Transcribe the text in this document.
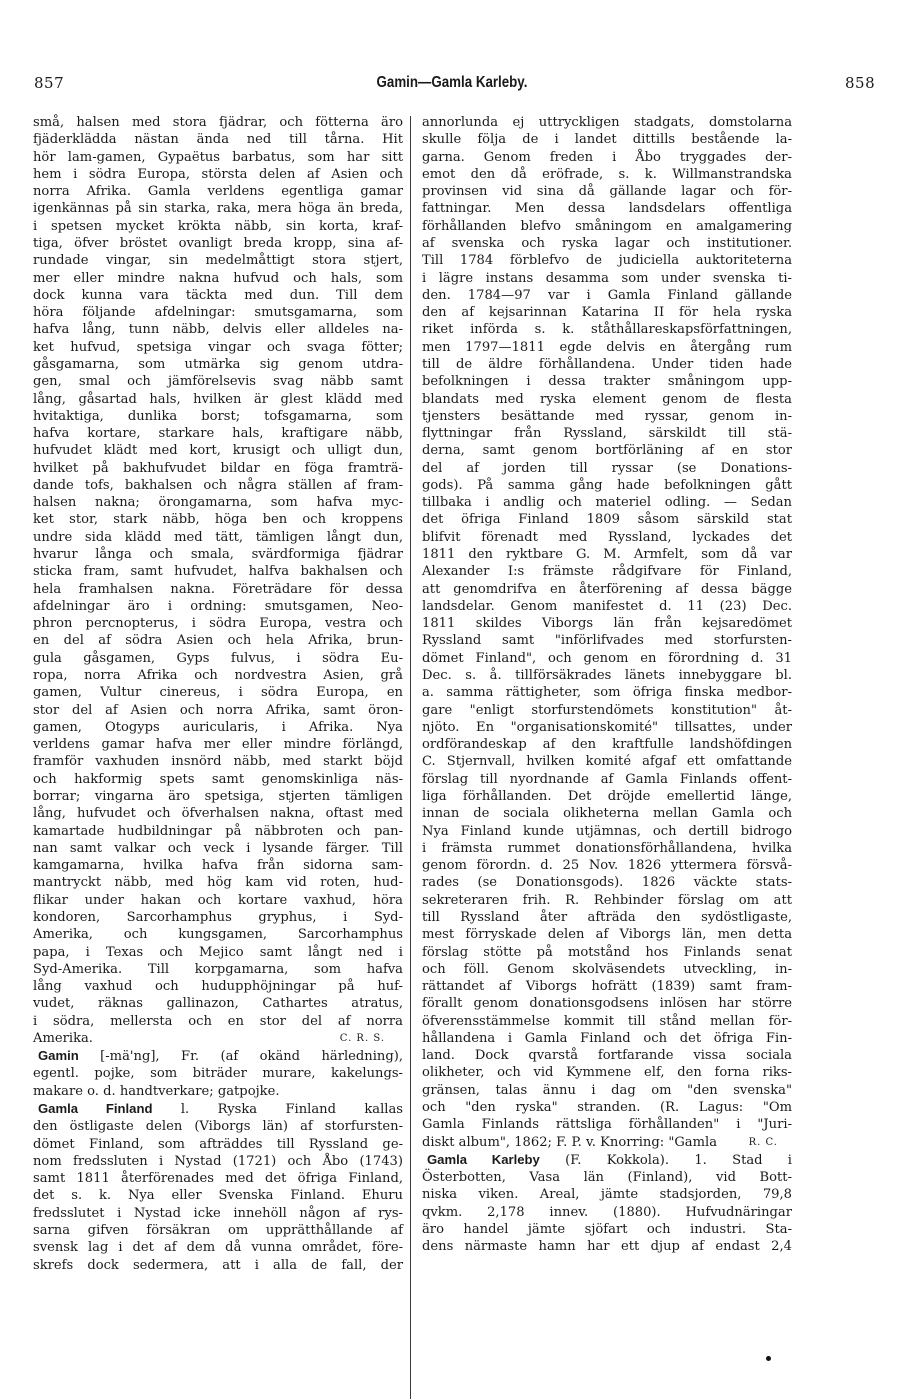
857	Gamin—Gamla Karleby.	858
små, halsen med stora fjädrar, och fötterna äro
fjäderklädda nästan ända ned till tårna. Hit
hör lam-gamen, Gypaëtus barbatus, som har sitt
hem i södra Europa, största delen af Asien och
norra Afrika. Gamla verldens egentliga gamar
igenkännas på sin starka, raka, mera höga än breda,
i spetsen mycket krökta näbb, sin korta, kraf-
tiga, öfver bröstet ovanligt breda kropp, sina af-
rundade vingar, sin medelmåttigt stora stjert,
mer eller mindre nakna hufvud och hals, som
dock kunna vara täckta med dun. Till dem
höra följande afdelningar: smutsgamarna, som
hafva lång, tunn näbb, delvis eller alldeles na-
ket hufvud, spetsiga vingar och svaga fötter;
gåsgamarna, som utmärka sig genom utdra-
gen, smal och jämförelsevis svag näbb samt
lång, gåsartad hals, hvilken är glest klädd med
hvitaktiga, dunlika borst; tofsgamarna, som
hafva kortare, starkare hals, kraftigare näbb,
hufvudet klädt med kort, krusigt och ulligt dun,
hvilket på bakhufvudet bildar en föga framträ-
dande tofs, bakhalsen och några ställen af fram-
halsen nakna; örongamarna, som hafva myc-
ket stor, stark näbb, höga ben och kroppens
undre sida klädd med tätt, tämligen långt dun,
hvarur långa och smala, svärdformiga fjädrar
sticka fram, samt hufvudet, halfva bakhalsen och
hela framhalsen nakna. Företrädare för dessa
afdelningar äro i ordning: smutsgamen, Neo-
phron percnopterus, i södra Europa, vestra och
en del af södra Asien och hela Afrika, brun-
gula gåsgamen, Gyps fulvus, i södra Eu-
ropa, norra Afrika och nordvestra Asien, grå
gamen, Vultur cinereus, i södra Europa, en
stor del af Asien och norra Afrika, samt öron-
gamen, Otogyps auricularis, i Afrika. Nya
verldens gamar hafva mer eller mindre förlängd,
framför vaxhuden insnörd näbb, med starkt böjd
och hakformig spets samt genomskinliga näs-
borrar; vingarna äro spetsiga, stjerten tämligen
lång, hufvudet och öfverhalsen nakna, oftast med
kamartade hudbildningar på näbbroten och pan-
nan samt valkar och veck i lysande färger. Till
kamgamarna, hvilka hafva från sidorna sam-
mantryckt näbb, med hög kam vid roten, hud-
flikar under hakan och kortare vaxhud, höra
kondoren, Sarcorhamphus gryphus, i Syd-
Amerika, och kungsgamen, Sarcorhamphus
papa, i Texas och Mejico samt långt ned i
Syd-Amerika. Till korpgamarna, som hafva
lång vaxhud och hudupphöjningar på huf-
vudet, räknas gallinazon, Cathartes atratus,
i södra, mellersta och en stor del af norra
Amerika.	C. R. S.
Gamin [-mä'ng], Fr. (af okänd härledning),
egentl. pojke, som biträder murare, kakelungs-
makare o. d. handtverkare; gatpojke.
Gamla Finland l. Ryska Finland kallas
den östligaste delen (Viborgs län) af storfursten-
dömet Finland, som afträddes till Ryssland ge-
nom fredssluten i Nystad (1721) och Åbo (1743)
samt 1811 återförenades med det öfriga Finland,
det s. k. Nya eller Svenska Finland. Ehuru
fredsslutet i Nystad icke innehöll någon af rys-
sarna gifven försäkran om upprätthållande af
svensk lag i det af dem då vunna området, före-
skrefs dock sedermera, att i alla de fall, der
annorlunda ej uttryckligen stadgats, domstolarna
skulle följa de i landet dittills bestående la-
garna. Genom freden i Åbo tryggades der-
emot den då eröfrade, s. k. Willmanstrandska
provinsen vid sina då gällande lagar och för-
fattningar. Men dessa landsdelars offentliga
förhållanden blefvo småningom en amalgamering
af svenska och ryska lagar och institutioner.
Till 1784 förblefvo de judiciella auktoriteterna
i lägre instans desamma som under svenska ti-
den. 1784—97 var i Gamla Finland gällande
den af kejsarinnan Katarina II för hela ryska
riket införda s. k. ståthållareskapsförfattningen,
men 1797—1811 egde delvis en återgång rum
till de äldre förhållandena. Under tiden hade
befolkningen i dessa trakter småningom upp-
blandats med ryska element genom de flesta
tjensters besättande med ryssar, genom in-
flyttningar från Ryssland, särskildt till stä-
derna, samt genom bortförläning af en stor
del af jorden till ryssar (se Donations-
gods). På samma gång hade befolkningen gått
tillbaka i andlig och materiel odling. — Sedan
det öfriga Finland 1809 såsom särskild stat
blifvit förenadt med Ryssland, lyckades det
1811 den ryktbare G. M. Armfelt, som då var
Alexander I:s främste rådgifvare för Finland,
att genomdrifva en återförening af dessa bägge
landsdelar. Genom manifestet d. 11 (23) Dec.
1811 skildes Viborgs län från kejsaredömet
Ryssland samt "införlifvades med storfursten-
dömet Finland", och genom en förordning d. 31
Dec. s. å. tillförsäkrades länets innebyggare bl.
a. samma rättigheter, som öfriga finska medbor-
gare "enligt storfurstendömets konstitution" åt-
njöto. En "organisationskomité" tillsattes, under
ordförandeskap af den kraftfulle landshöfdingen
C. Stjernvall, hvilken komité afgaf ett omfattande
förslag till nyordnande af Gamla Finlands offent-
liga förhållanden. Det dröjde emellertid länge,
innan de sociala olikheterna mellan Gamla och
Nya Finland kunde utjämnas, och dertill bidrogo
i främsta rummet donationsförhållandena, hvilka
genom förordn. d. 25 Nov. 1826 yttermera försvå-
rades (se Donationsgods). 1826 väckte stats-
sekreteraren frih. R. Rehbinder förslag om att
till Ryssland åter afträda den sydöstligaste,
mest förryskade delen af Viborgs län, men detta
förslag stötte på motstånd hos Finlands senat
och föll. Genom skolväsendets utveckling, in-
rättandet af Viborgs hofrätt (1839) samt fram-
förallt genom donationsgodsens inlösen har större
öfverensstämmelse kommit till stånd mellan för-
hållandena i Gamla Finland och det öfriga Fin-
land. Dock qvarstå fortfarande vissa sociala
olikheter, och vid Kymmene elf, den forna riks-
gränsen, talas ännu i dag om "den svenska"
och "den ryska" stranden. (R. Lagus: "Om
Gamla Finlands rättsliga förhållanden" i "Juri-
diskt album", 1862; F. P. v. Knorring: "Gamla	R. C.
Gamla Karleby (F. Kokkola). 1. Stad i
Österbotten, Vasa län (Finland), vid Bott-
niska viken. Areal, jämte stadsjorden, 79,8
qvkm. 2,178 innev. (1880). Hufvudnäringar
äro handel jämte sjöfart och industri. Sta-
dens närmaste hamn har ett djup af endast 2,4
